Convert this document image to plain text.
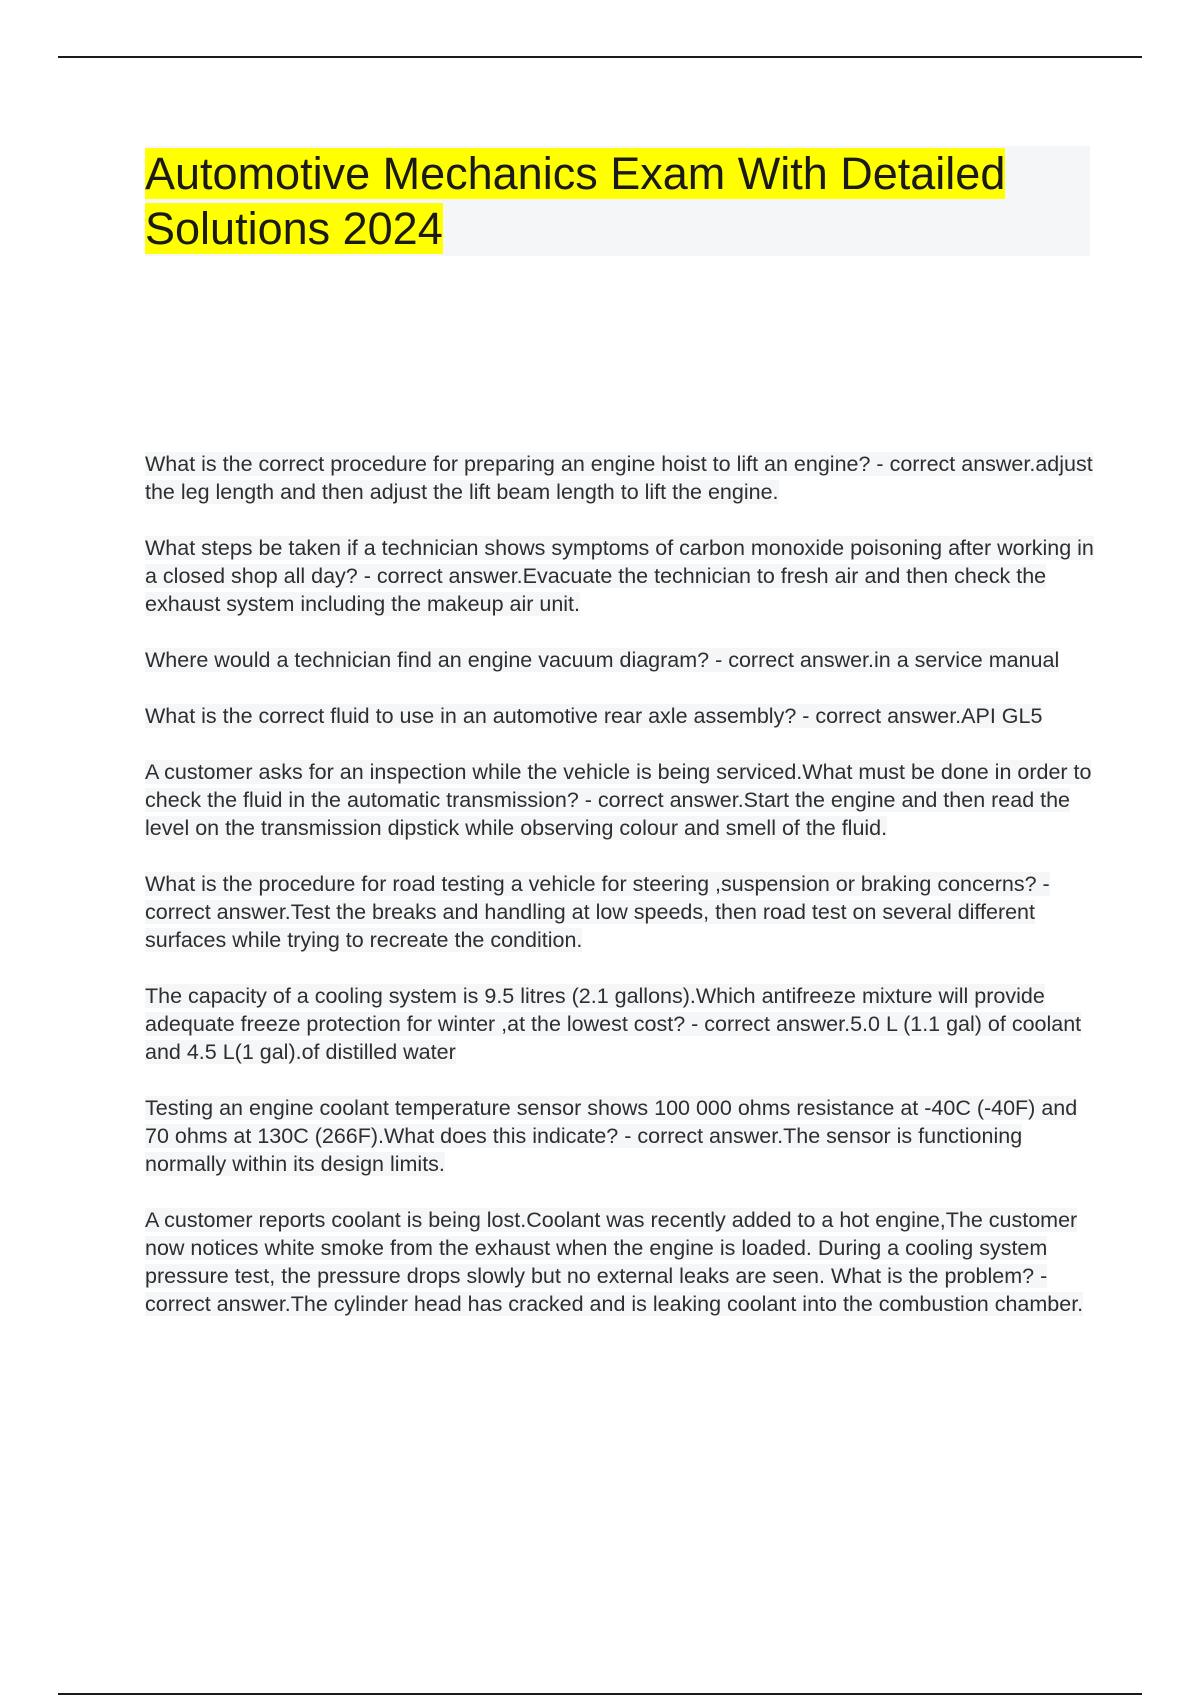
Automotive Mechanics Exam With Detailed Solutions 2024

What is the correct procedure for preparing an engine hoist to lift an engine? - correct answer.adjust the leg length and then adjust the lift beam length to lift the engine.

What steps be taken if a technician shows symptoms of carbon monoxide poisoning after working in a closed shop all day? - correct answer.Evacuate the technician to fresh air and then check the exhaust system including the makeup air unit.

Where would a technician find an engine vacuum diagram? - correct answer.in a service manual

What is the correct fluid to use in an automotive rear axle assembly? - correct answer.API GL5

A customer asks for an inspection while the vehicle is being serviced.What must be done in order to check the fluid in the automatic transmission? - correct answer.Start the engine and then read the level on the transmission dipstick while observing colour and smell of the fluid.

What is the procedure for road testing a vehicle for steering ,suspension or braking concerns? - correct answer.Test the breaks and handling at low speeds, then road test on several different surfaces while trying to recreate the condition.

The capacity of a cooling system is 9.5 litres (2.1 gallons).Which antifreeze mixture will provide adequate freeze protection for winter ,at the lowest cost? - correct answer.5.0 L (1.1 gal) of coolant and 4.5 L(1 gal).of distilled water

Testing an engine coolant temperature sensor shows 100 000 ohms resistance at -40C (-40F) and 70 ohms at 130C (266F).What does this indicate? - correct answer.The sensor is functioning normally within its design limits.

A customer reports coolant is being lost.Coolant was recently added to a hot engine,The customer now notices white smoke from the exhaust when the engine is loaded. During a cooling system pressure test, the pressure drops slowly but no external leaks are seen. What is the problem? - correct answer.The cylinder head has cracked and is leaking coolant into the combustion chamber.
